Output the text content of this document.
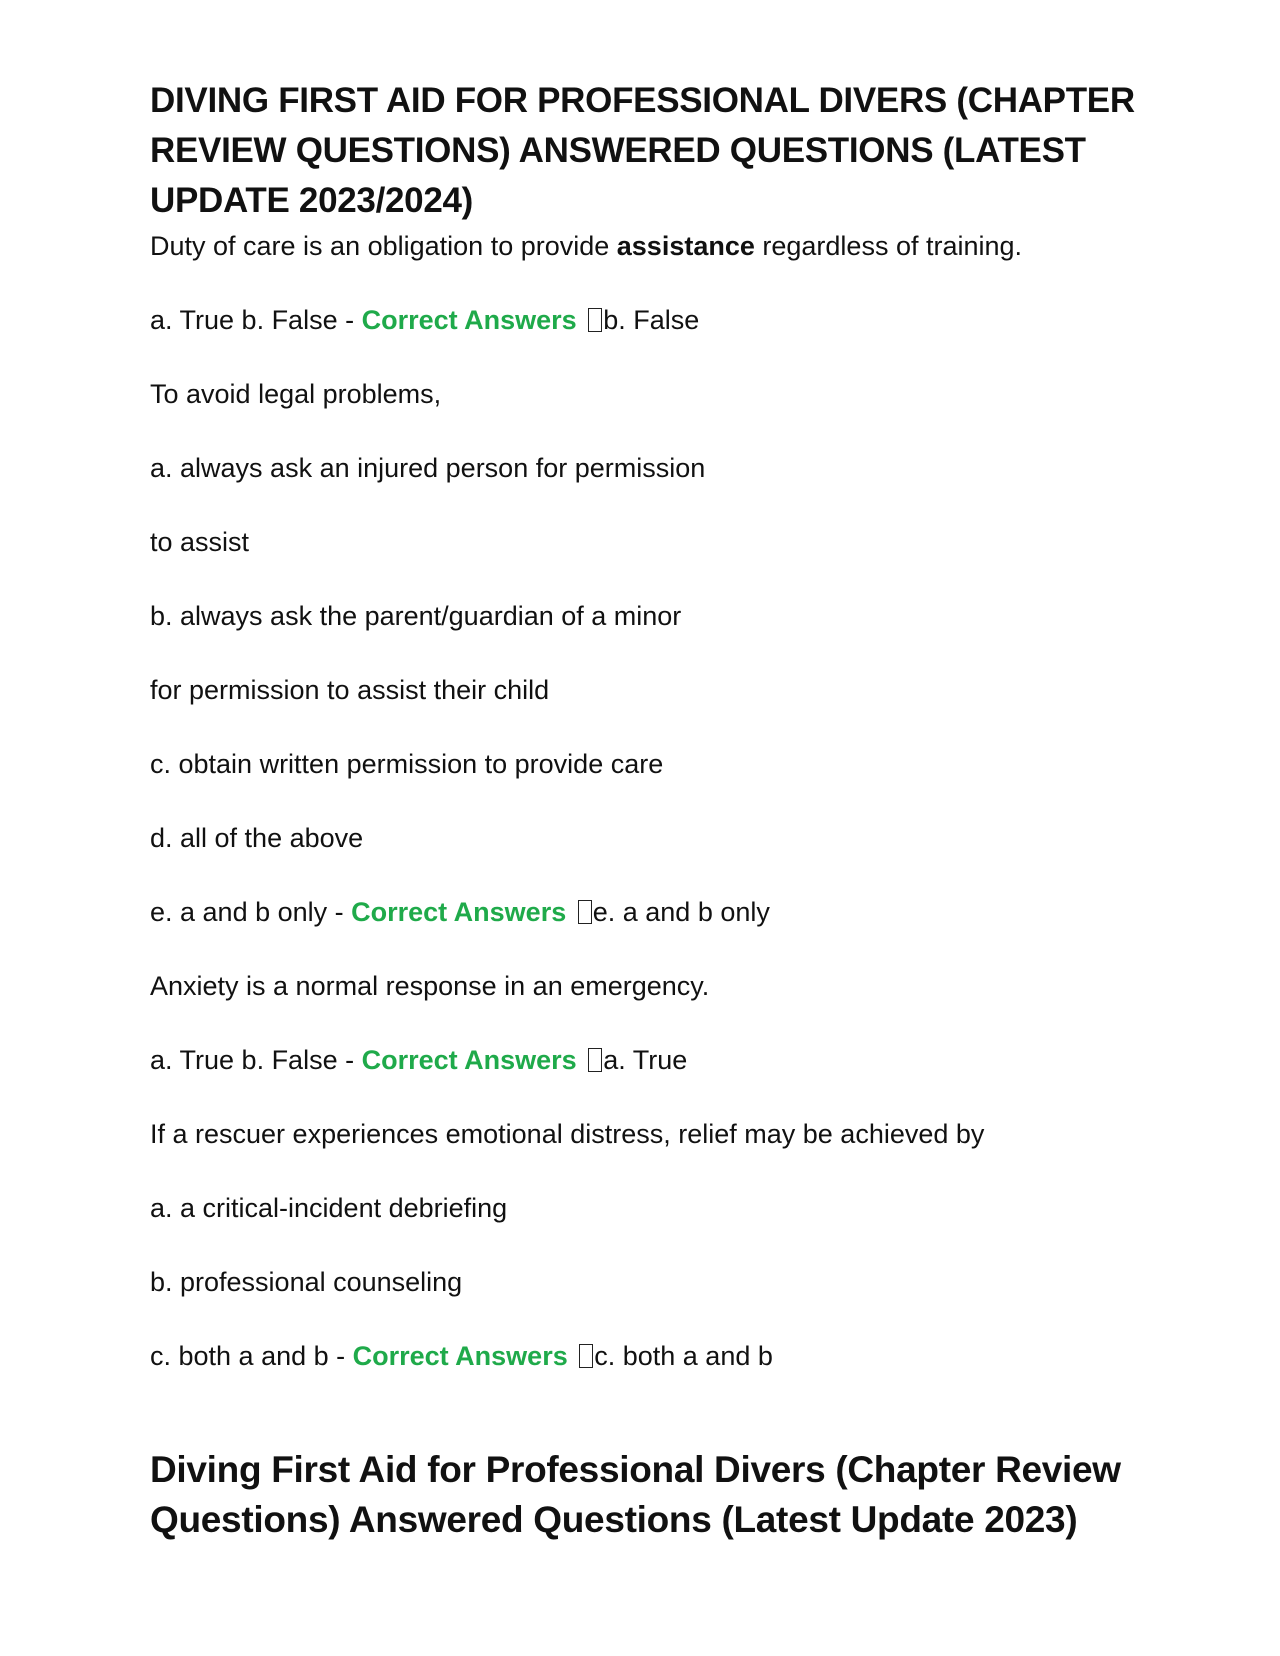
DIVING FIRST AID FOR PROFESSIONAL DIVERS (CHAPTER REVIEW QUESTIONS) ANSWERED QUESTIONS (LATEST UPDATE 2023/2024)

Duty of care is an obligation to provide assistance regardless of training.

a. True b. False - Correct Answers b. False

To avoid legal problems,

a. always ask an injured person for permission

to assist

b. always ask the parent/guardian of a minor

for permission to assist their child

c. obtain written permission to provide care

d. all of the above

e. a and b only - Correct Answers e. a and b only

Anxiety is a normal response in an emergency.

a. True b. False - Correct Answers a. True

If a rescuer experiences emotional distress, relief may be achieved by

a. a critical-incident debriefing

b. professional counseling

c. both a and b - Correct Answers c. both a and b

Diving First Aid for Professional Divers (Chapter Review Questions) Answered Questions (Latest Update 2023)
